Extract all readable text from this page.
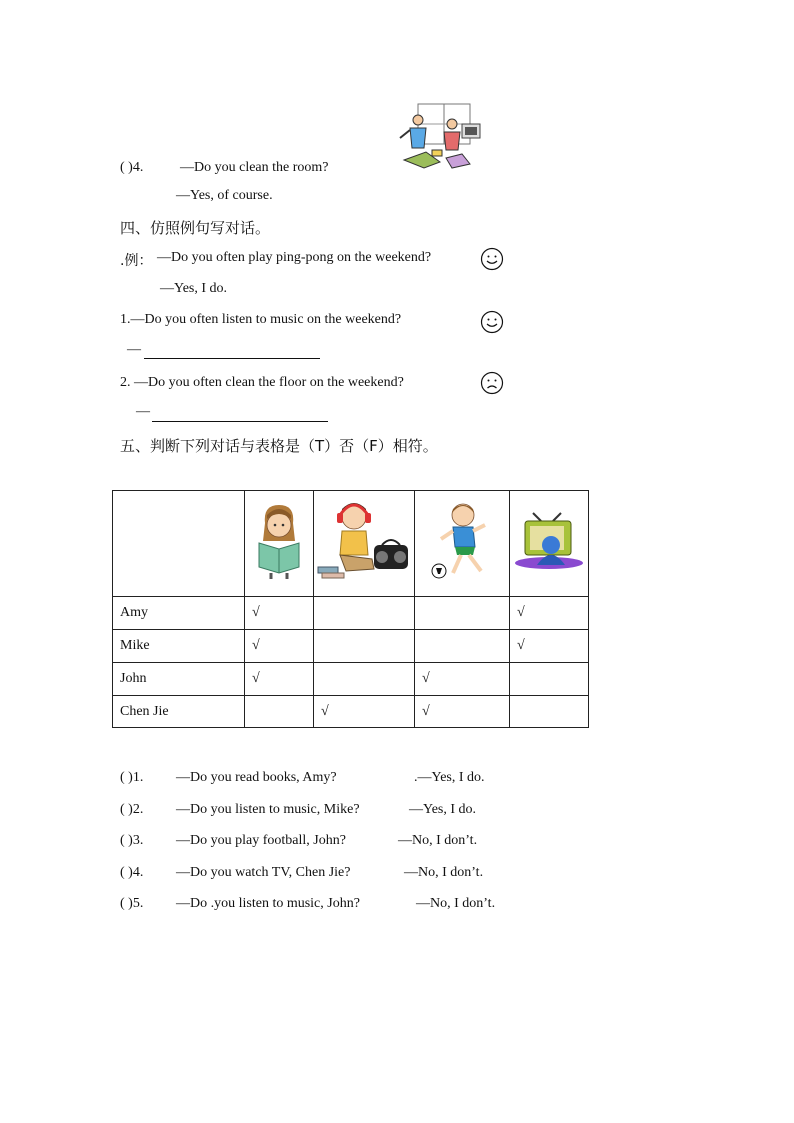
( )4.	—Do you clean the room?
—Yes, of course.
四、仿照例句写对话。
.例： —Do you often play ping-pong on the weekend?
—Yes, I do.
1.—Do you often listen to music on the weekend?
—
2. —Do you often clean the floor on the weekend?
—
五、判断下列对话与表格是（T）否（F）相符。

Amy	√			√
Mike	√			√
John	√		√	
Chen Jie		√	√	
( )1. —Do you read books, Amy?	.—Yes, I do.
( )2. —Do you listen to music, Mike?	—Yes, I do.
( )3. —Do you play football, John?	—No, I don’t.
( )4. —Do you watch TV, Chen Jie?	—No, I don’t.
( )5. —Do .you listen to music, John?	—No, I don’t.
